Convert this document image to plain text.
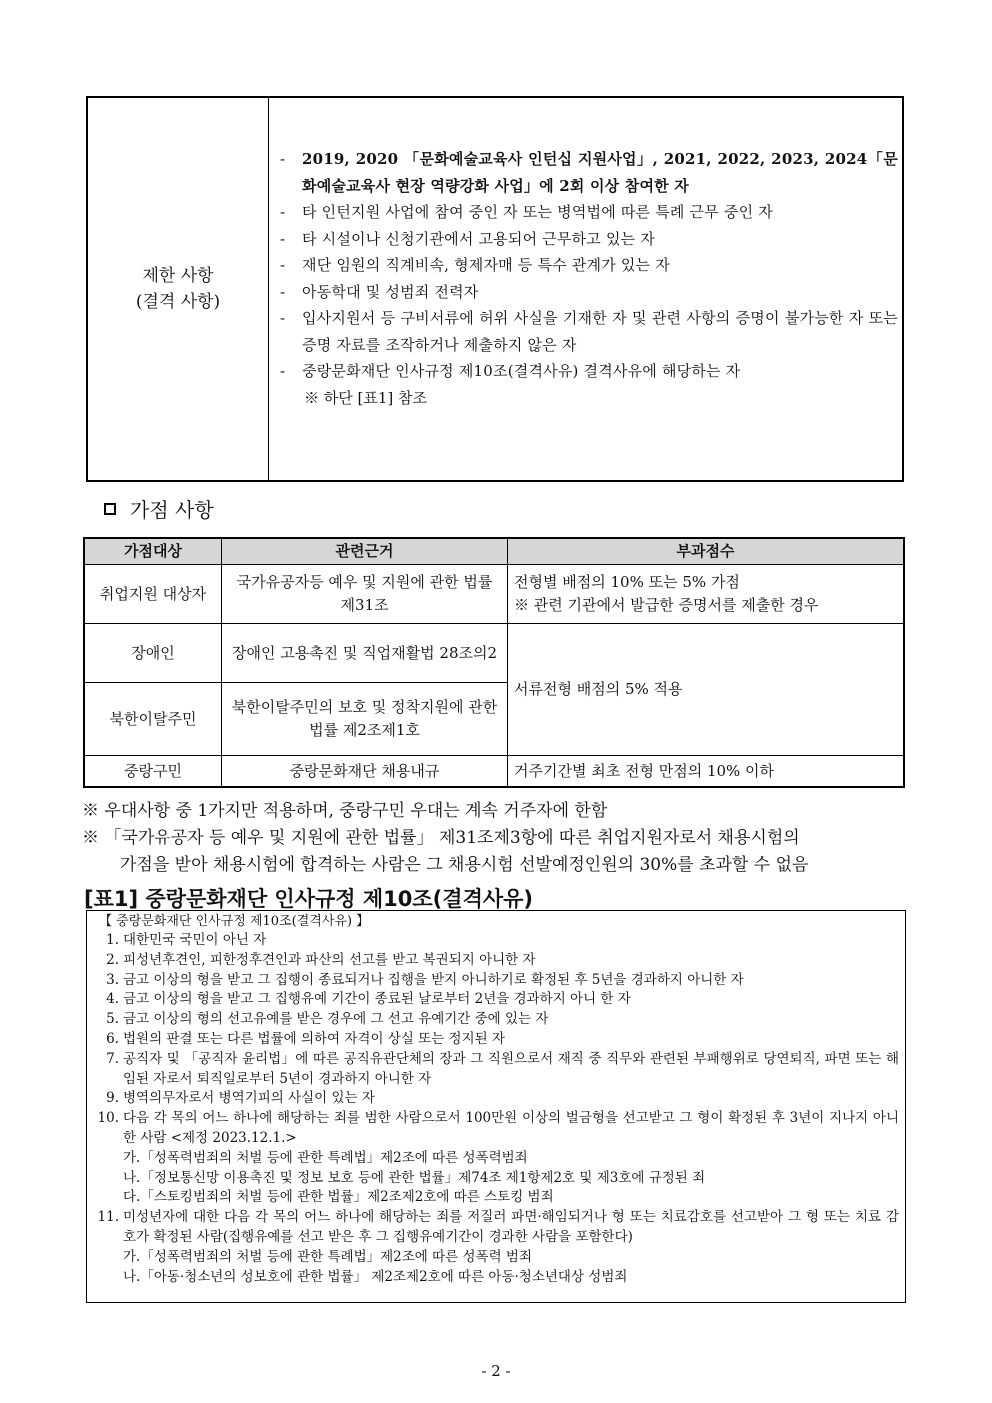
제한 사항
(결격 사항)
-	2019, 2020 「문화예술교육사 인턴십 지원사업」, 2021, 2022, 2023, 2024「문화예술교육사 현장 역량강화 사업」에 2회 이상 참여한 자
-	타 인턴지원 사업에 참여 중인 자 또는 병역법에 따른 특례 근무 중인 자
-	타 시설이나 신청기관에서 고용되어 근무하고 있는 자
-	재단 임원의 직계비속, 형제자매 등 특수 관계가 있는 자
-	아동학대 및 성범죄 전력자
-	입사지원서 등 구비서류에 허위 사실을 기재한 자 및 관련 사항의 증명이 불가능한 자 또는 증명 자료를 조작하거나 제출하지 않은 자
-	중랑문화재단 인사규정 제10조(결격사유) 결격사유에 해당하는 자
※ 하단 [표1] 참조
가점 사항
가점대상	관련근거	부과점수
취업지원 대상자	국가유공자등 예우 및 지원에 관한 법률 제31조	전형별 배점의 10% 또는 5% 가점
※ 관련 기관에서 발급한 증명서를 제출한 경우

장애인	장애인 고용촉진 및 직업재활법 28조의2	서류전형 배점의 5% 적용
북한이탈주민	북한이탈주민의 보호 및 정착지원에 관한 법률 제2조제1호	
중랑구민	중랑문화재단 채용내규	거주기간별 최초 전형 만점의 10% 이하
※ 우대사항 중 1가지만 적용하며, 중랑구민 우대는 계속 거주자에 한함
※ 「국가유공자 등 예우 및 지원에 관한 법률」 제31조제3항에 따른 취업지원자로서 채용시험의
가점을 받아 채용시험에 합격하는 사람은 그 채용시험 선발예정인원의 30%를 초과할 수 없음
[표1] 중랑문화재단 인사규정 제10조(결격사유)
【 중랑문화재단 인사규정 제10조(결격사유) 】
1. 대한민국 국민이 아닌 자
2. 피성년후견인, 피한정후견인과 파산의 선고를 받고 복권되지 아니한 자
3. 금고 이상의 형을 받고 그 집행이 종료되거나 집행을 받지 아니하기로 확정된 후 5년을 경과하지 아니한 자
4. 금고 이상의 형을 받고 그 집행유예 기간이 종료된 날로부터 2년을 경과하지 아니 한 자
5. 금고 이상의 형의 선고유예를 받은 경우에 그 선고 유예기간 중에 있는 자
6. 법원의 판결 또는 다른 법률에 의하여 자격이 상실 또는 정지된 자
7. 공직자 및 「공직자 윤리법」에 따른 공직유관단체의 장과 그 직원으로서 재직 중 직무와 관련된 부패행위로 당연퇴직, 파면 또는 해임된 자로서 퇴직일로부터 5년이 경과하지 아니한 자
9. 병역의무자로서 병역기피의 사실이 있는 자
10. 다음 각 목의 어느 하나에 해당하는 죄를 범한 사람으로서 100만원 이상의 벌금형을 선고받고 그 형이 확정된 후 3년이 지나지 아니한 사람 <제정 2023.12.1.>
가.「성폭력범죄의 처벌 등에 관한 특례법」제2조에 따른 성폭력범죄
나.「정보통신망 이용촉진 및 정보 보호 등에 관한 법률」제74조 제1항제2호 및 제3호에 규정된 죄
다.「스토킹범죄의 처벌 등에 관한 법률」제2조제2호에 따른 스토킹 범죄
11. 미성년자에 대한 다음 각 목의 어느 하나에 해당하는 죄를 저질러 파면·해임되거나 형 또는 치료감호를 선고받아 그 형 또는 치료 감호가 확정된 사람(집행유예를 선고 받은 후 그 집행유예기간이 경과한 사람을 포함한다)
가.「성폭력범죄의 처벌 등에 관한 특례법」제2조에 따른 성폭력 범죄
나.「아동·청소년의 성보호에 관한 법률」 제2조제2호에 따른 아동·청소년대상 성범죄
- 2 -
